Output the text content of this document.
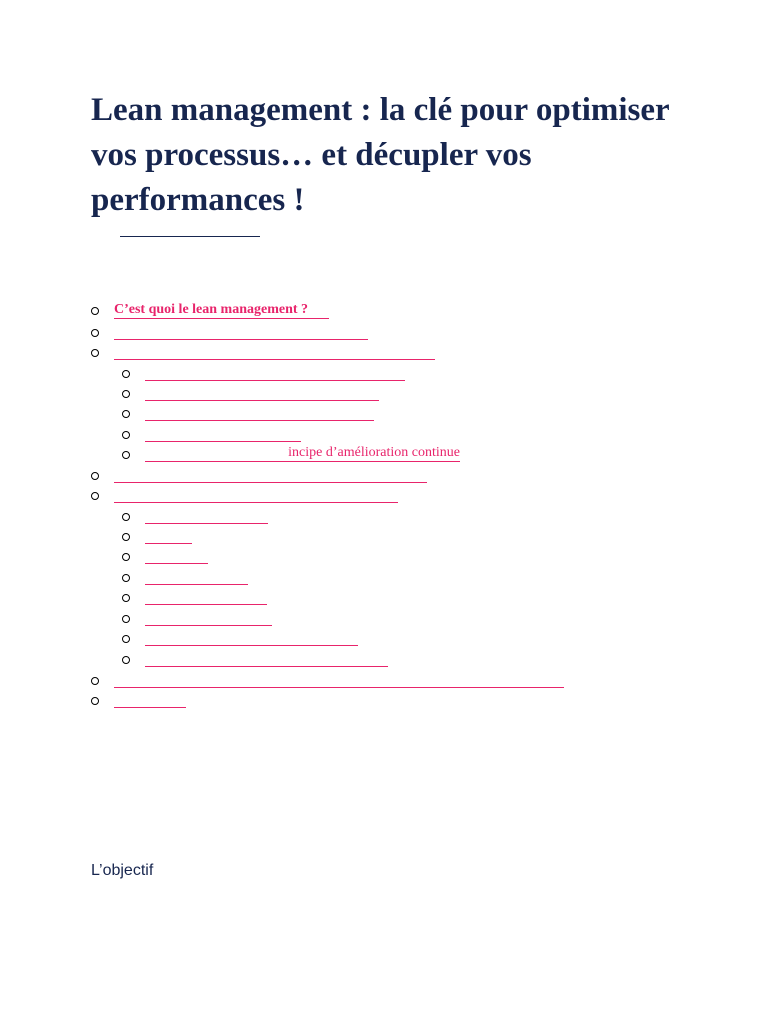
Lean management : la clé pour optimiser vos processus… et décupler vos performances !
C’est quoi le lean management ?
incipe d’amélioration continue

L’objectif
